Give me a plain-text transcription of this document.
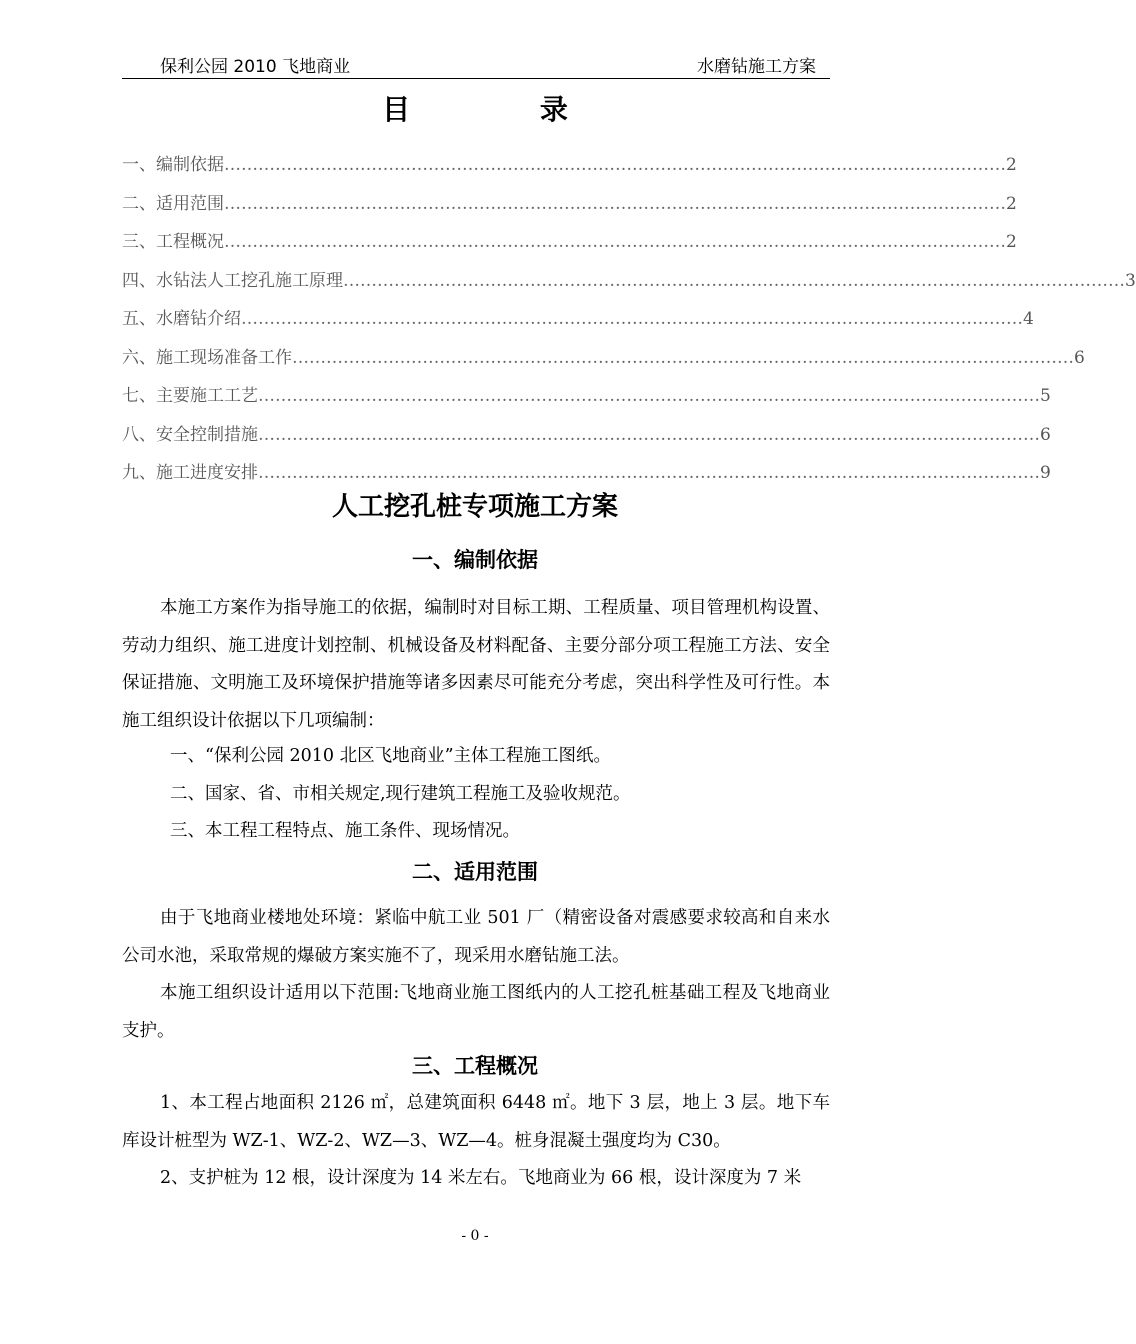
保利公园 2010 飞地商业	水磨钻施工方案
目 录
一、编制依据 ………………………………………………………………………………………………………………………… 2
二、适用范围 ………………………………………………………………………………………………………………………… 2
三、工程概况 ………………………………………………………………………………………………………………………… 2
四、水钻法人工挖孔施工原理 ………………………………………………………………………………………………………………………… 3
五、水磨钻介绍 ………………………………………………………………………………………………………………………… 4
六、施工现场准备工作 ………………………………………………………………………………………………………………………… 6
七、主要施工工艺 ………………………………………………………………………………………………………………………… 5
八、安全控制措施 ………………………………………………………………………………………………………………………… 6
九、施工进度安排 ………………………………………………………………………………………………………………………… 9
人工挖孔桩专项施工方案
一、编制依据
本施工方案作为指导施工的依据，编制时对目标工期、工程质量、项目管理机构设置、劳动力组织、施工进度计划控制、机械设备及材料配备、主要分部分项工程施工方法、安全保证措施、文明施工及环境保护措施等诸多因素尽可能充分考虑，突出科学性及可行性。本施工组织设计依据以下几项编制：
一、“保利公园 2010 北区飞地商业”主体工程施工图纸。
二、国家、省、市相关规定,现行建筑工程施工及验收规范。
三、本工程工程特点、施工条件、现场情况。
二、适用范围
由于飞地商业楼地处环境：紧临中航工业 501 厂（精密设备对震感要求较高和自来水公司水池，采取常规的爆破方案实施不了，现采用水磨钻施工法。
本施工组织设计适用以下范围:飞地商业施工图纸内的人工挖孔桩基础工程及飞地商业支护。
三、工程概况
1、本工程占地面积 2126 ㎡，总建筑面积 6448 ㎡。地下 3 层，地上 3 层。地下车库设计桩型为 WZ-1、WZ-2、WZ—3、WZ—4。桩身混凝土强度均为 C30。
2、支护桩为 12 根，设计深度为 14 米左右。飞地商业为 66 根，设计深度为 7 米
- 0 -
